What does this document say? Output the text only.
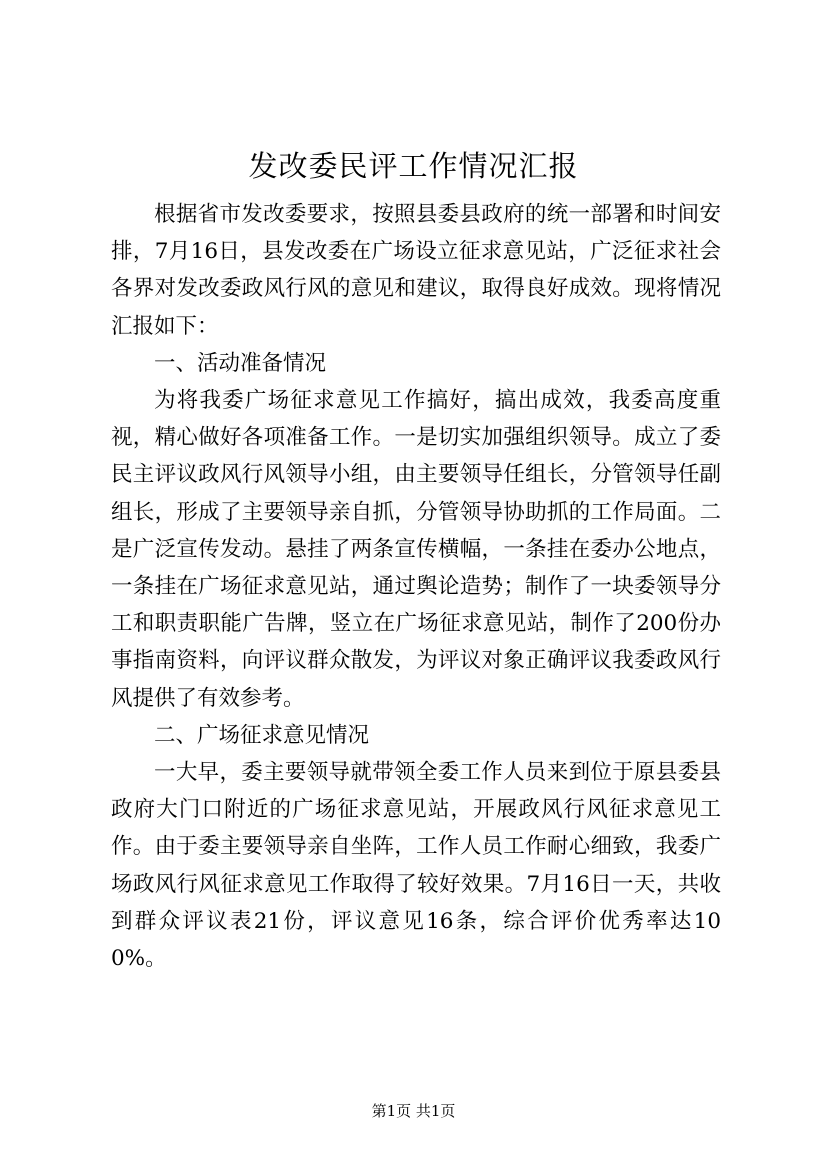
发改委民评工作情况汇报

根据省市发改委要求，按照县委县政府的统一部署和时间安排，7月16日，县发改委在广场设立征求意见站，广泛征求社会各界对发改委政风行风的意见和建议，取得良好成效。现将情况汇报如下：

一、活动准备情况

为将我委广场征求意见工作搞好，搞出成效，我委高度重视，精心做好各项准备工作。一是切实加强组织领导。成立了委民主评议政风行风领导小组，由主要领导任组长，分管领导任副组长，形成了主要领导亲自抓，分管领导协助抓的工作局面。二是广泛宣传发动。悬挂了两条宣传横幅，一条挂在委办公地点，一条挂在广场征求意见站，通过舆论造势；制作了一块委领导分工和职责职能广告牌，竖立在广场征求意见站，制作了200份办事指南资料，向评议群众散发，为评议对象正确评议我委政风行风提供了有效参考。

二、广场征求意见情况

一大早，委主要领导就带领全委工作人员来到位于原县委县政府大门口附近的广场征求意见站，开展政风行风征求意见工作。由于委主要领导亲自坐阵，工作人员工作耐心细致，我委广场政风行风征求意见工作取得了较好效果。7月16日一天，共收到群众评议表21份，评议意见16条，综合评价优秀率达100%。

第1页 共1页
